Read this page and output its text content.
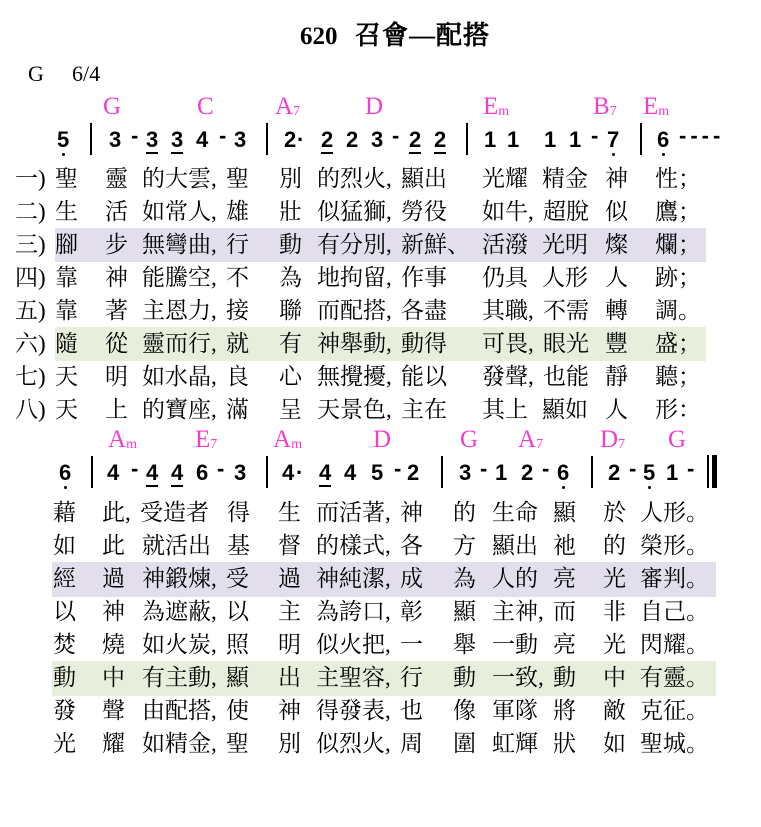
620 召會—配搭
G 6/4
G	C $A_7$	D	$E_m$	$B_7$ $E_m$
5 3 - 3 3 4 - 3 2 · 2 2 3 - 2 2 1 1 1 1 - 7 6 ----
一) 聖 靈 的大雲, 聖 別 的烈火, 顯出 光耀 精金 神 性；
二) 生 活 如常人, 雄 壯 似猛獅, 勞役 如牛, 超脫 似 鷹；
三) 腳 步 無彎曲, 行 動 有分別, 新鮮、 活潑 光明 燦 爛；
四) 靠 神 能騰空, 不 為 地拘留, 作事 仍具 人形 人 跡；
五) 靠 著 主恩力, 接 聯 而配搭, 各盡 其職, 不需 轉 調。
六) 隨 從 靈而行, 就 有 神舉動, 動得 可畏, 眼光 豐 盛；
七) 天 明 如水晶, 良 心 無攪擾, 能以 發聲, 也能 靜 聽；
八) 天 上 的寶座, 滿 呈 天景色, 主在 其上 顯如 人 形：
$A_m$ $E_7$ $A_m$	D	G $A_7$ $D_7$ G
6 4 - 4 4 6 - 3 4 · 4 4 5 - 2 3 - 1 2 - 6 2 - 5 1 -
藉 此, 受造者 得 生 而活著, 神 的 生命 顯 於 人形。
如 此 就活出 基 督 的樣式, 各 方 顯出 祂 的 榮形。
經 過 神鍛煉, 受 過 神純潔, 成 為 人的 亮 光 審判。
以 神 為遮蔽, 以 主 為誇口, 彰 顯 主神, 而 非 自己。
焚 燒 如火炭, 照 明 似火把, 一 舉 一動 亮 光 閃耀。
動 中 有主動, 顯 出 主聖容, 行 動 一致, 動 中 有靈。
發 聲 由配搭, 使 神 得發表, 也 像 軍隊 將 敵 克征。
光 耀 如精金, 聖 別 似烈火, 周 圍 虹輝 狀 如 聖城。
